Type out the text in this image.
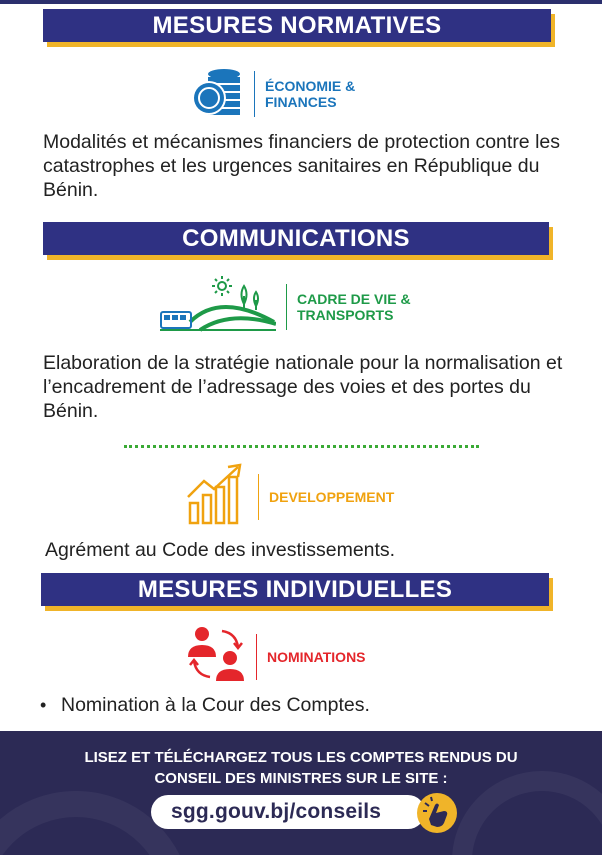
MESURES NORMATIVES
ÉCONOMIE &
FINANCES
Modalités et mécanismes financiers de protection contre les catastrophes et les urgences sanitaires en République du Bénin.
COMMUNICATIONS
CADRE DE VIE &
TRANSPORTS
Elaboration de la stratégie nationale pour la normalisation et l’encadrement de l’adressage des voies et des portes du Bénin.
DEVELOPPEMENT
Agrément au Code des investissements.
MESURES INDIVIDUELLES
NOMINATIONS
• Nomination à la Cour des Comptes.
LISEZ ET TÉLÉCHARGEZ TOUS LES COMPTES RENDUS DU
CONSEIL DES MINISTRES SUR LE SITE :
sgg.gouv.bj/conseils
